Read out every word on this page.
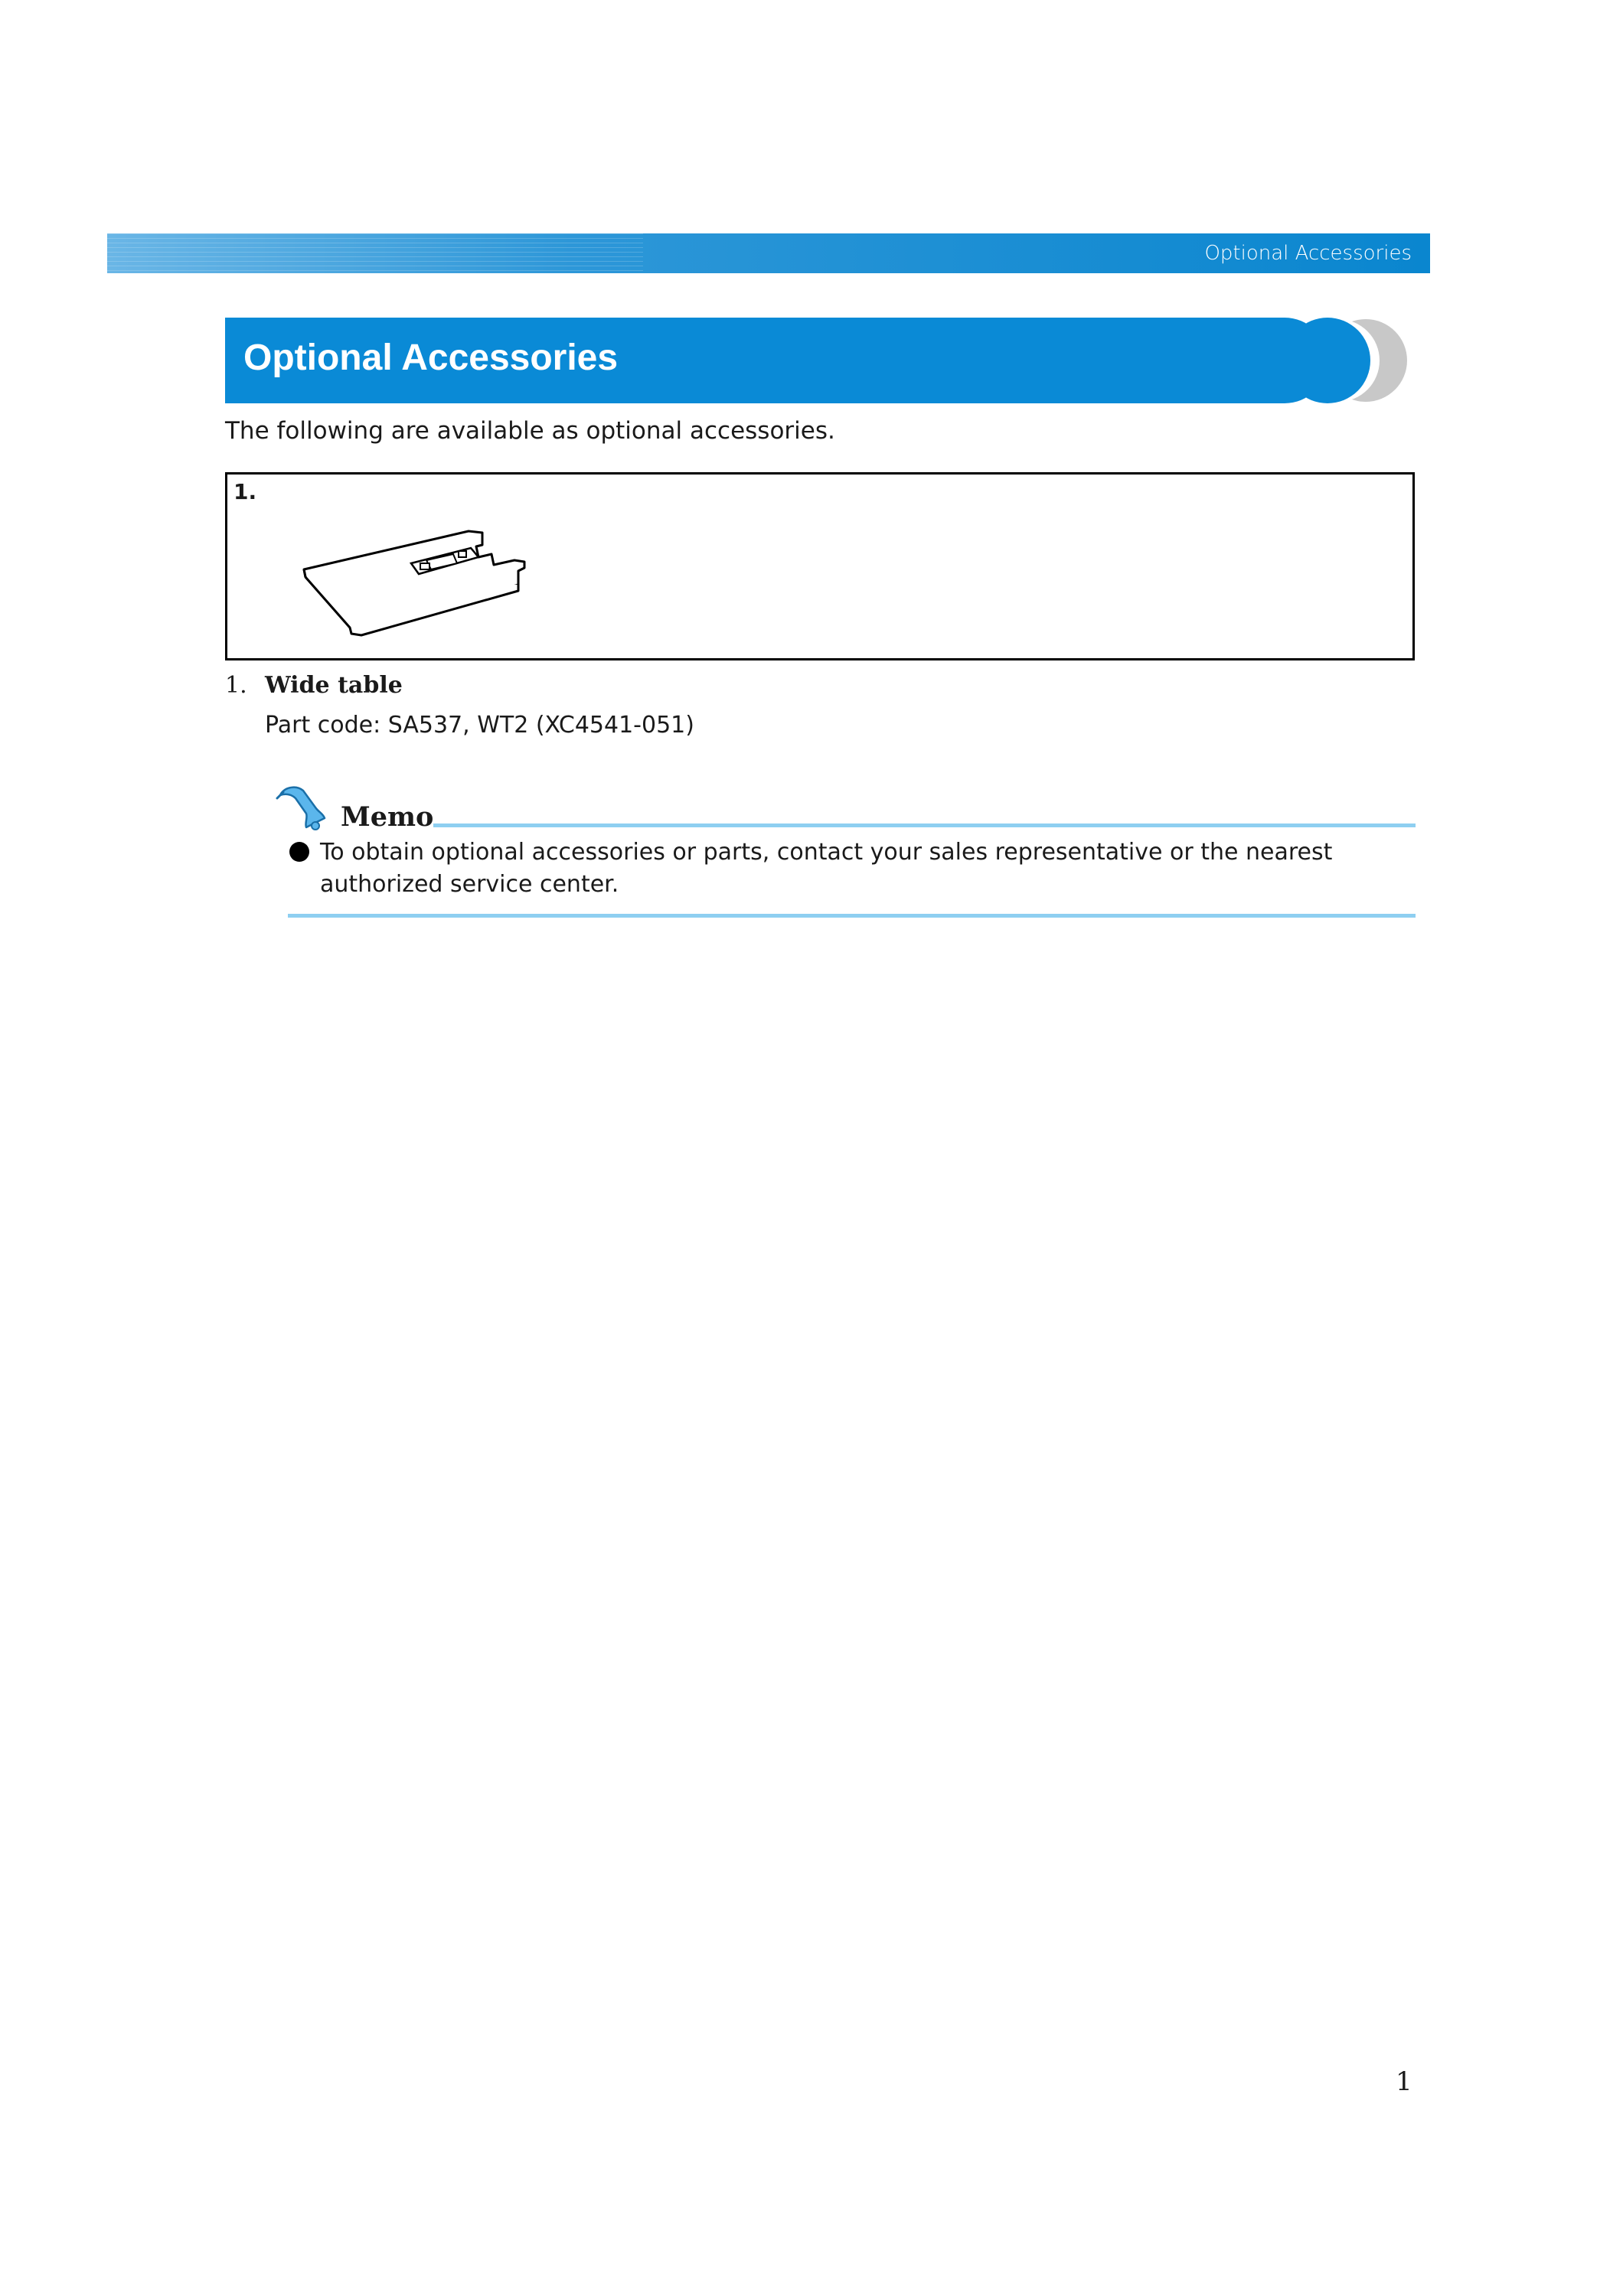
Optional Accessories
Optional Accessories
The following are available as optional accessories.
1.
1. Wide table
Part code: SA537, WT2 (XC4541-051)
Memo
To obtain optional accessories or parts, contact your sales representative or the nearest authorized service center.
1
